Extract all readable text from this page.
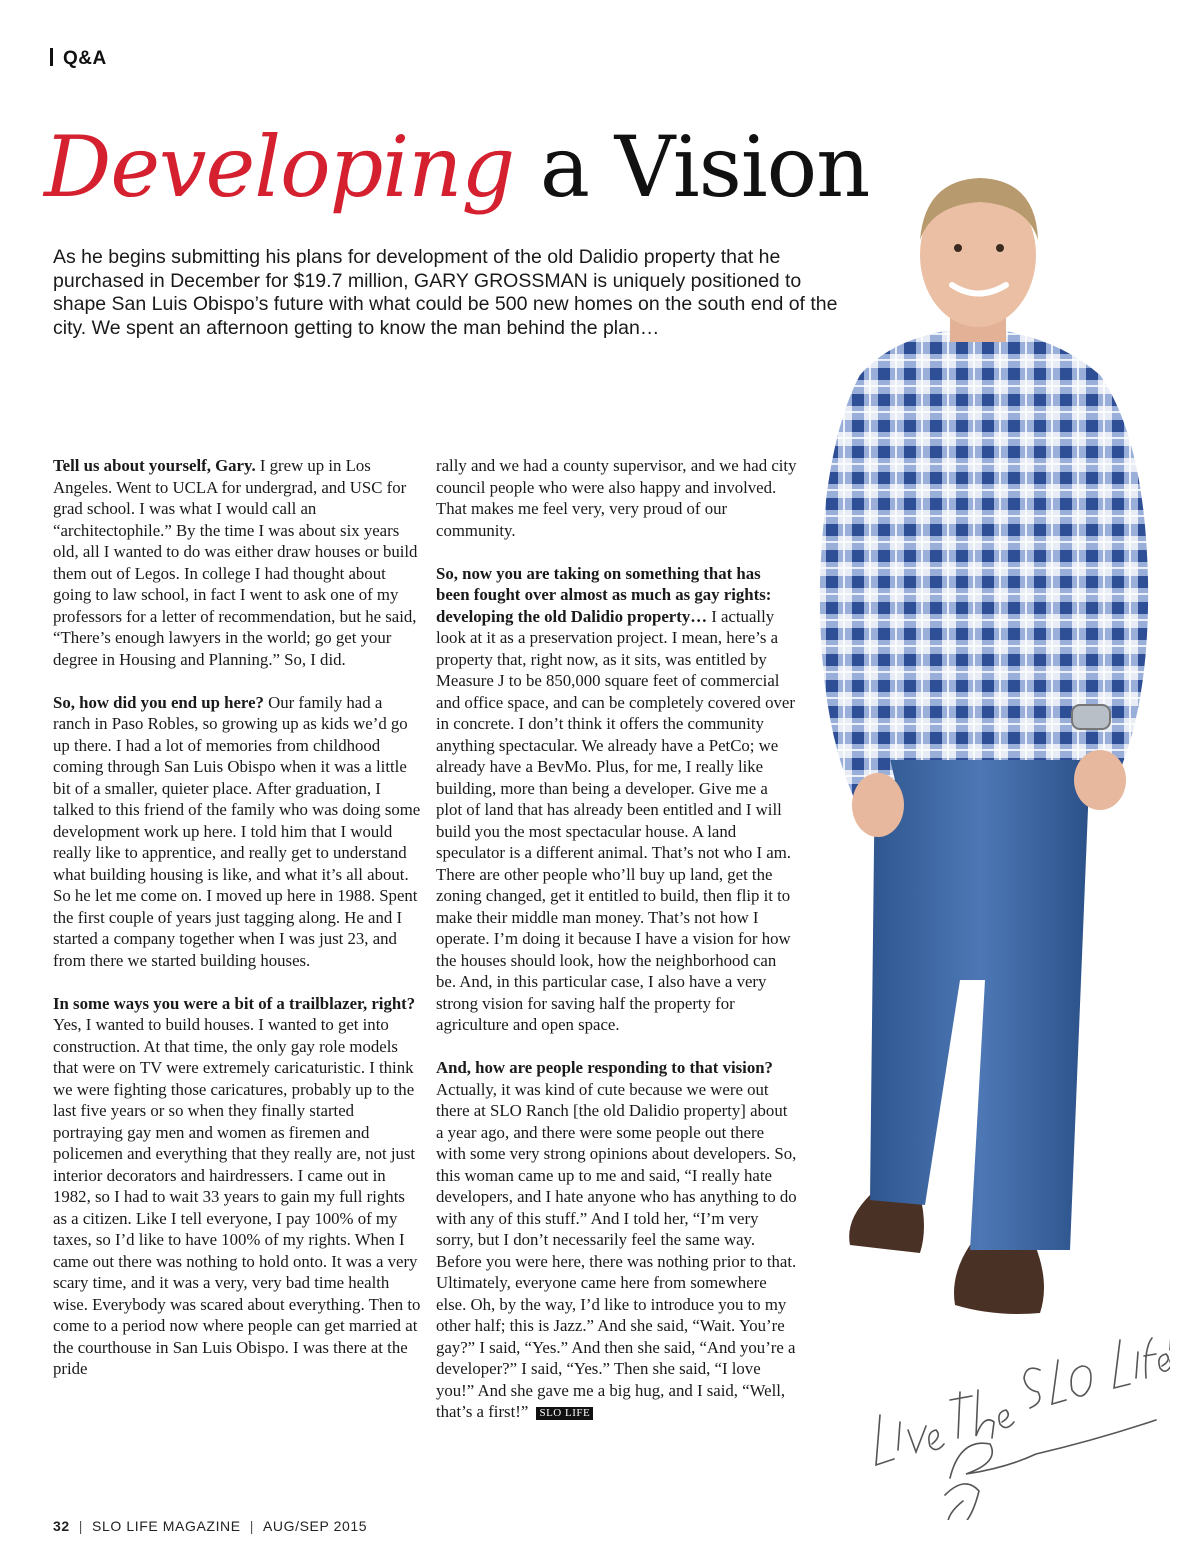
Q&A
Developing a Vision

As he begins submitting his plans for development of the old Dalidio property that he purchased in December for $19.7 million, GARY GROSSMAN is uniquely positioned to shape San Luis Obispo’s future with what could be 500 new homes on the south end of the city. We spent an afternoon getting to know the man behind the plan…

Tell us about yourself, Gary. I grew up in Los Angeles. Went to UCLA for undergrad, and USC for grad school. I was what I would call an “architectophile.” By the time I was about six years old, all I wanted to do was either draw houses or build them out of Legos. In college I had thought about going to law school, in fact I went to ask one of my professors for a letter of recommendation, but he said, “There’s enough lawyers in the world; go get your degree in Housing and Planning.” So, I did.

So, how did you end up here? Our family had a ranch in Paso Robles, so growing up as kids we’d go up there. I had a lot of memories from childhood coming through San Luis Obispo when it was a little bit of a smaller, quieter place. After graduation, I talked to this friend of the family who was doing some development work up here. I told him that I would really like to apprentice, and really get to understand what building housing is like, and what it’s all about. So he let me come on. I moved up here in 1988. Spent the first couple of years just tagging along. He and I started a company together when I was just 23, and from there we started building houses.

In some ways you were a bit of a trailblazer, right? Yes, I wanted to build houses. I wanted to get into construction. At that time, the only gay role models that were on TV were extremely caricaturistic. I think we were fighting those caricatures, probably up to the last five years or so when they finally started portraying gay men and women as firemen and policemen and everything that they really are, not just interior decorators and hairdressers. I came out in 1982, so I had to wait 33 years to gain my full rights as a citizen. Like I tell everyone, I pay 100% of my taxes, so I’d like to have 100% of my rights. When I came out there was nothing to hold onto. It was a very scary time, and it was a very, very bad time health wise. Everybody was scared about everything. Then to come to a period now where people can get married at the courthouse in San Luis Obispo. I was there at the pride

rally and we had a county supervisor, and we had city council people who were also happy and involved. That makes me feel very, very proud of our community.

So, now you are taking on something that has been fought over almost as much as gay rights: developing the old Dalidio property… I actually look at it as a preservation project. I mean, here’s a property that, right now, as it sits, was entitled by Measure J to be 850,000 square feet of commercial and office space, and can be completely covered over in concrete. I don’t think it offers the community anything spectacular. We already have a PetCo; we already have a BevMo. Plus, for me, I really like building, more than being a developer. Give me a plot of land that has already been entitled and I will build you the most spectacular house. A land speculator is a different animal. That’s not who I am. There are other people who’ll buy up land, get the zoning changed, get it entitled to build, then flip it to make their middle man money. That’s not how I operate. I’m doing it because I have a vision for how the houses should look, how the neighborhood can be. And, in this particular case, I also have a very strong vision for saving half the property for agriculture and open space.

And, how are people responding to that vision? Actually, it was kind of cute because we were out there at SLO Ranch [the old Dalidio property] about a year ago, and there were some people out there with some very strong opinions about developers. So, this woman came up to me and said, “I really hate developers, and I hate anyone who has anything to do with any of this stuff.” And I told her, “I’m very sorry, but I don’t necessarily feel the same way. Before you were here, there was nothing prior to that. Ultimately, everyone came here from somewhere else. Oh, by the way, I’d like to introduce you to my other half; this is Jazz.” And she said, “Wait. You’re gay?” I said, “Yes.” And then she said, “And you’re a developer?” I said, “Yes.” Then she said, “I love you!” And she gave me a big hug, and I said, “Well, that’s a first!” SLO LIFE

32 | SLO LIFE MAGAZINE | AUG/SEP 2015
